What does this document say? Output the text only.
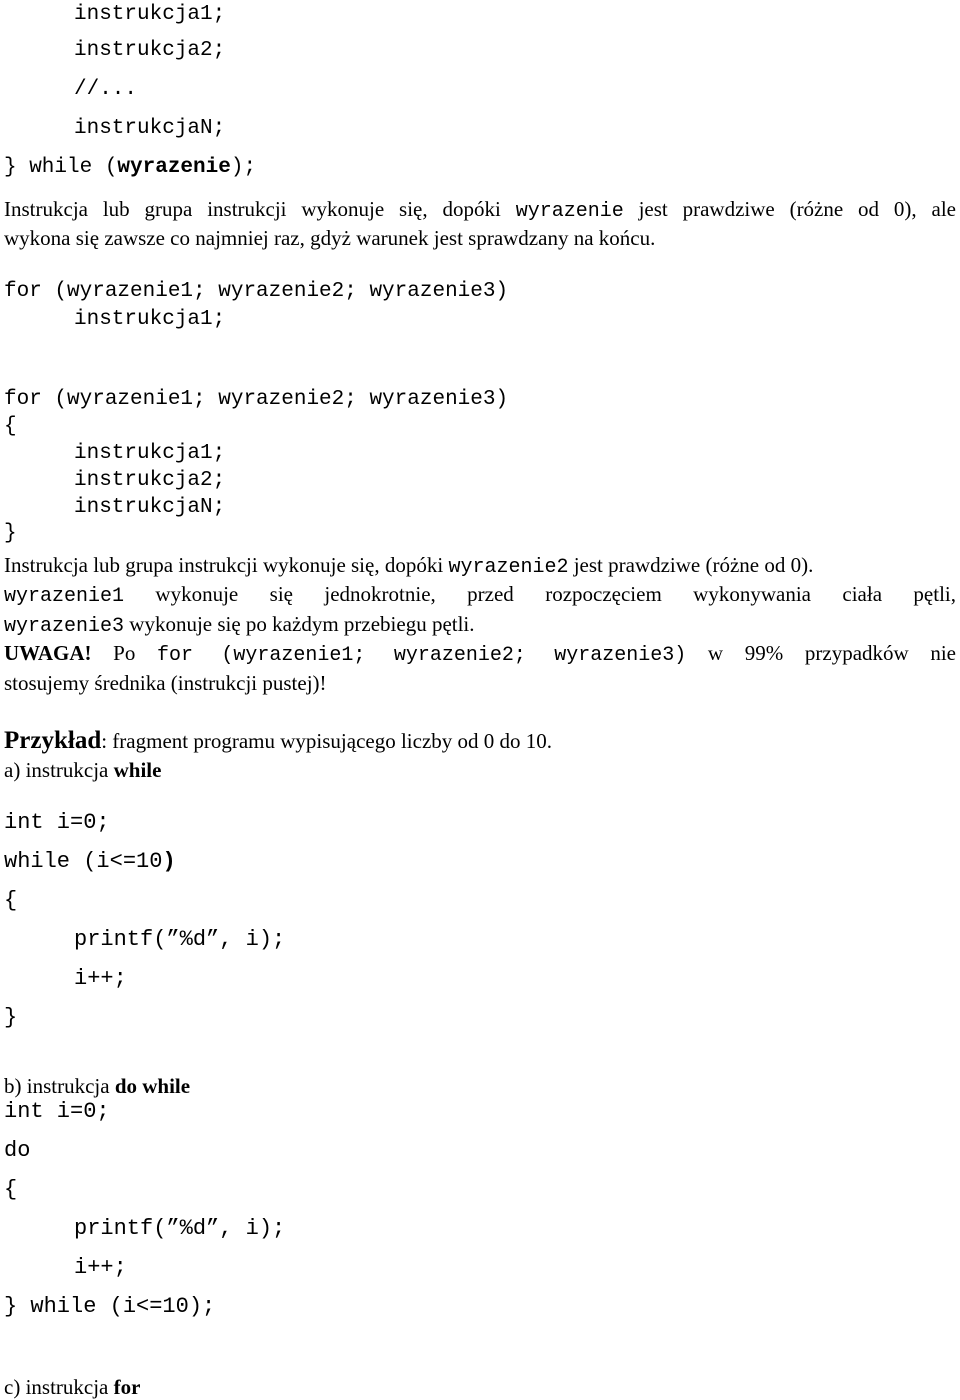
instrukcja1;
instrukcja2;
//...
instrukcjaN;
} while (wyrazenie);
Instrukcja lub grupa instrukcji wykonuje się, dopóki wyrazenie jest prawdziwe (różne od 0), ale
wykona się zawsze co najmniej raz, gdyż warunek jest sprawdzany na końcu.
for (wyrazenie1; wyrazenie2; wyrazenie3)
instrukcja1;
for (wyrazenie1; wyrazenie2; wyrazenie3)
{
instrukcja1;
instrukcja2;
instrukcjaN;
}
Instrukcja lub grupa instrukcji wykonuje się, dopóki wyrazenie2 jest prawdziwe (różne od 0).
wyrazenie1 wykonuje się jednokrotnie, przed rozpoczęciem wykonywania ciała pętli,
wyrazenie3 wykonuje się po każdym przebiegu pętli.
UWAGA! Po for (wyrazenie1; wyrazenie2; wyrazenie3) w 99% przypadków nie
stosujemy średnika (instrukcji pustej)!
Przykład: fragment programu wypisującego liczby od 0 do 10.
a) instrukcja while
int i=0;
while (i<=10)
{
printf(”%d”, i);
i++;
}
b) instrukcja do while
int i=0;
do
{
printf(”%d”, i);
i++;
} while (i<=10);
c) instrukcja for
